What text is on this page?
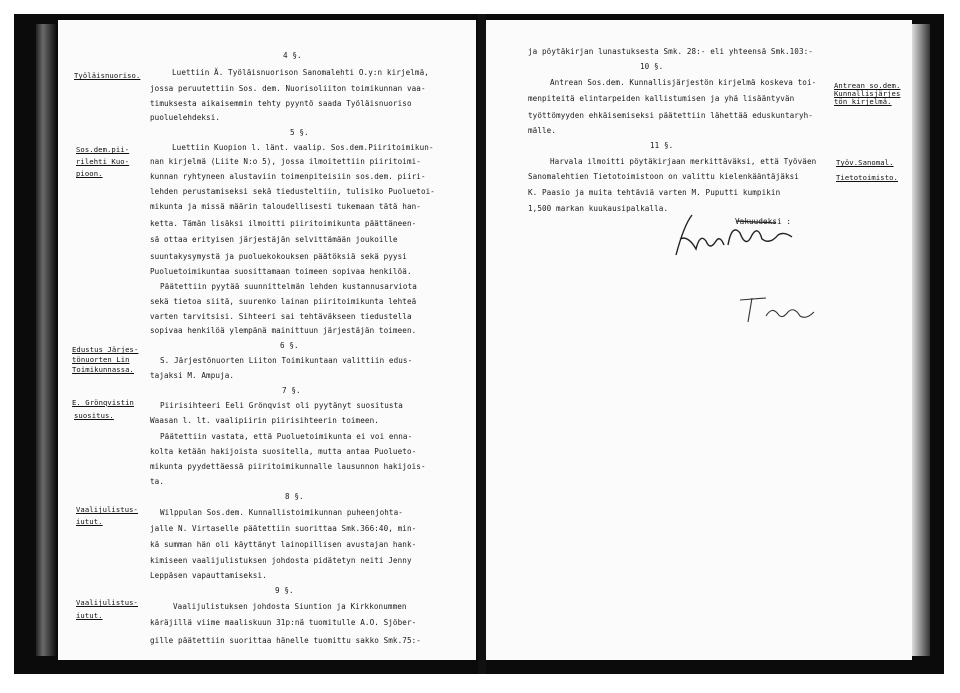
Työläisnuoriso.
Sos.dem.pii-
rilehti Kuo-
pioon.
Edustus Järjes-
tönuorten Lin
Toimikunnassa.
E. Grönqvistin
suositus.
Vaalijulistus-
iutut.
Vaalijulistus-
iutut.
4 §.
Luettiin Ä. Työläisnuorison Sanomalehti O.y:n kirjelmä,
jossa peruutettiin Sos. dem. Nuorisoliiton toimikunnan vaa-
timuksesta aikaisemmin tehty pyyntö saada Työläisnuoriso
puoluelehdeksi.
5 §.
Luettiin Kuopion l. länt. vaalip. Sos.dem.Piiritoimikun-
nan kirjelmä (Liite N:o 5), jossa ilmoitettiin piiritoimi-
kunnan ryhtyneen alustaviin toimenpiteisiin sos.dem. piiri-
lehden perustamiseksi sekä tiedusteltiin, tulisiko Puoluetoi-
mikunta ja missä määrin taloudellisesti tukemaan tätä han-
ketta. Tämän lisäksi ilmoitti piiritoimikunta päättäneen-
sä ottaa erityisen järjestäjän selvittämään joukoille
suuntakysymystä ja puoluekokouksen päätöksiä sekä pyysi
Puoluetoimikuntaa suosittamaan toimeen sopivaa henkilöä.
Päätettiin pyytää suunnittelmän lehden kustannusarviota
sekä tietoa siitä, suurenko lainan piiritoimikunta lehteä
varten tarvitsisi. Sihteeri sai tehtäväkseen tiedustella
sopivaa henkilöä ylempänä mainittuun järjestäjän toimeen.
6 §.
S. Järjestönuorten Liiton Toimikuntaan valittiin edus-
tajaksi M. Ampuja.
7 §.
Piirisihteeri Eeli Grönqvist oli pyytänyt suositusta
Waasan l. lt. vaalipiirin piirisihteerin toimeen.
Päätettiin vastata, että Puoluetoimikunta ei voi enna-
kolta ketään hakijoista suositella, mutta antaa Puolueto-
mikunta pyydettäessä piiritoimikunnalle lausunnon hakijois-
ta.
8 §.
Wilppulan Sos.dem. Kunnallistoimikunnan puheenjohta-
jalle N. Virtaselle päätettiin suorittaa Smk.366:40, min-
kä summan hän oli käyttänyt lainopillisen avustajan hank-
kimiseen vaalijulistuksen johdosta pidätetyn neiti Jenny
Leppäsen vapauttamiseksi.
9 §.
Vaalijulistuksen johdosta Siuntion ja Kirkkonummen
käräjillä viime maaliskuun 31p:nä tuomitulle A.O. Sjöber-
gille päätettiin suorittaa hänelle tuomittu sakko Smk.75:-
ja pöytäkirjan lunastuksesta Smk. 28:- eli yhteensä Smk.103:-
10 §.
Antrean Sos.dem. Kunnallisjärjestön kirjelmä koskeva toi-
menpiteitä elintarpeiden kallistumisen ja yhä lisääntyvän
työttömyyden ehkäisemiseksi päätettiin lähettää eduskuntaryh-
mälle.
11 §.
Harvala ilmoitti pöytäkirjaan merkittäväksi, että Työväen
Sanomalehtien Tietotoimistoon on valittu kielenkääntäjäksi
K. Paasio ja muita tehtäviä varten M. Puputti kumpikin
1,500 markan kuukausipalkalla.
Antrean so.dem.
Kunnallisjärjes
tön kirjelmä.
Työv.Sanomal.
Tietotoimisto.
Vakuudeksi :
